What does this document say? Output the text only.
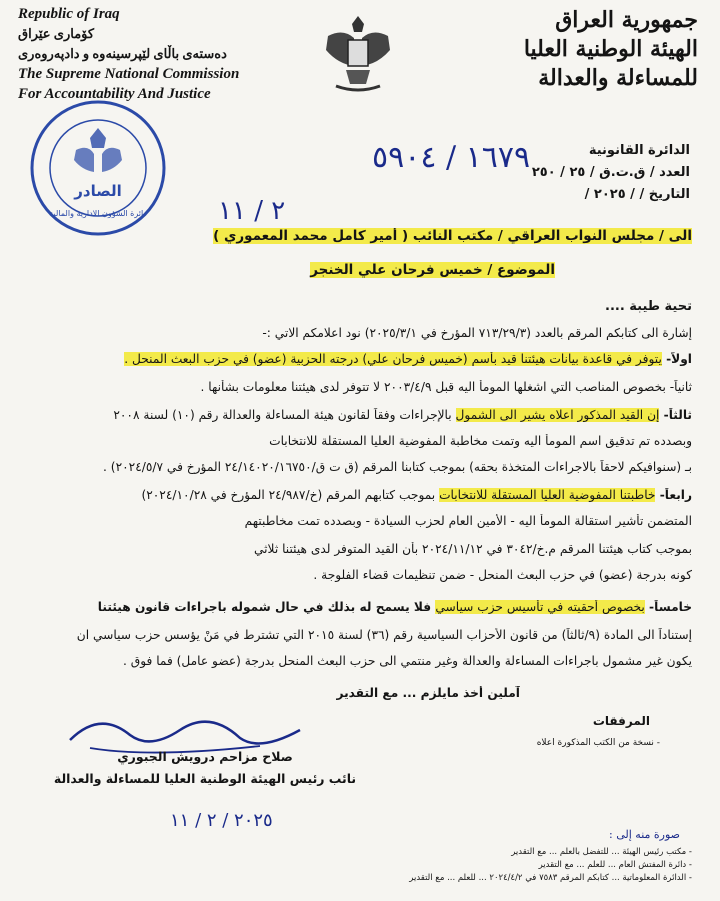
Republic of Iraq
کۆماری عێراق
دەستەی باڵای لێپرسینەوە و دادپەروەری
The Supreme National Commission
For Accountability And Justice
جمهورية العراق
الهيئة الوطنية العليا
للمساءلة والعدالة
الصادر
دائرة الشؤون الادارية والمالية
الدائرة القانونية
العدد / ق.ت.ق / ٢٥ / ٢٥٠
التاريخ / / ٢٠٢٥ /
١٦٧٩ / ٥٩٠٤
٢ / ١١
الى / مجلس النواب العراقي / مكتب النائب ( أمير كامل محمد المعموري )
الموضوع / خميس فرحان علي الخنجر
تحية طيبة ....
إشارة الى كتابكم المرقم بالعدد (٧١٣/٢٩/٣ المؤرخ في ٢٠٢٥/٣/١) نود اعلامكم الاتي :-
اولاً- يتوفر في قاعدة بيانات هيئتنا قيد بأسم (خميس فرحان علي) درجته الحزبية (عضو) في حزب البعث المنحل .
ثانياً- بخصوص المناصب التي اشغلها المومأ اليه قبل ٢٠٠٣/٤/٩ لا تتوفر لدى هيئتنا معلومات بشأنها .
ثالثاً- إن القيد المذكور اعلاه يشير الى الشمول بالإجراءات وفقاً لقانون هيئة المساءلة والعدالة رقم (١٠) لسنة ٢٠٠٨
وبصدده تم تدقيق اسم المومأ اليه وتمت مخاطبة المفوضية العليا المستقلة للانتخابات
بـ (سنوافيكم لاحقاً بالاجراءات المتخذة بحقه) بموجب كتابنا المرقم (ق ت ق/٢٤/١٤٠٢٠/١٦٧٥٠ المؤرخ في ٢٠٢٤/٥/٧) .
رابعاً- خاطبتنا المفوضية العليا المستقلة للانتخابات بموجب كتابهم المرقم (خ/٢٤/٩٨٧ المؤرخ في ٢٠٢٤/١٠/٢٨)
المتضمن تأشير استقالة المومأ اليه - الأمين العام لحزب السيادة - وبصدده تمت مخاطبتهم
بموجب كتاب هيئتنا المرقم م.خ/٣٠٤٢ في ٢٠٢٤/١١/١٢ بأن القيد المتوفر لدى هيئتنا ثلاثي
كونه بدرجة (عضو) في حزب البعث المنحل - ضمن تنظيمات قضاء الفلوجة .
خامساً- بخصوص أحقيته في تأسيس حزب سياسي فلا يسمح له بذلك في حال شموله باجراءات قانون هيئتنا
إستناداً الى المادة (٩/ثالثاً) من قانون الأحزاب السياسية رقم (٣٦) لسنة ٢٠١٥ التي تشترط في مَنْ يؤسس حزب سياسي ان
يكون غير مشمول باجراءات المساءلة والعدالة وغير منتمي الى حزب البعث المنحل بدرجة (عضو عامل) فما فوق .
آملين أخذ مايلزم ... مع التقدير
المرفقات
- نسخة من الكتب المذكورة اعلاه
صلاح مزاحم درويش الجبوري
نائب رئيس الهيئة الوطنية العليا للمساءلة والعدالة
٢٠٢٥ / ٢ / ١١
صورة منه إلى :
- مكتب رئيس الهيئة ... للتفضل بالعلم ... مع التقدير
- دائرة المفتش العام ... للعلم ... مع التقدير
- الدائرة المعلوماتية ... كتابكم المرقم ٧٥٨٣ في ٢٠٢٤/٤/٢ ... للعلم ... مع التقدير
